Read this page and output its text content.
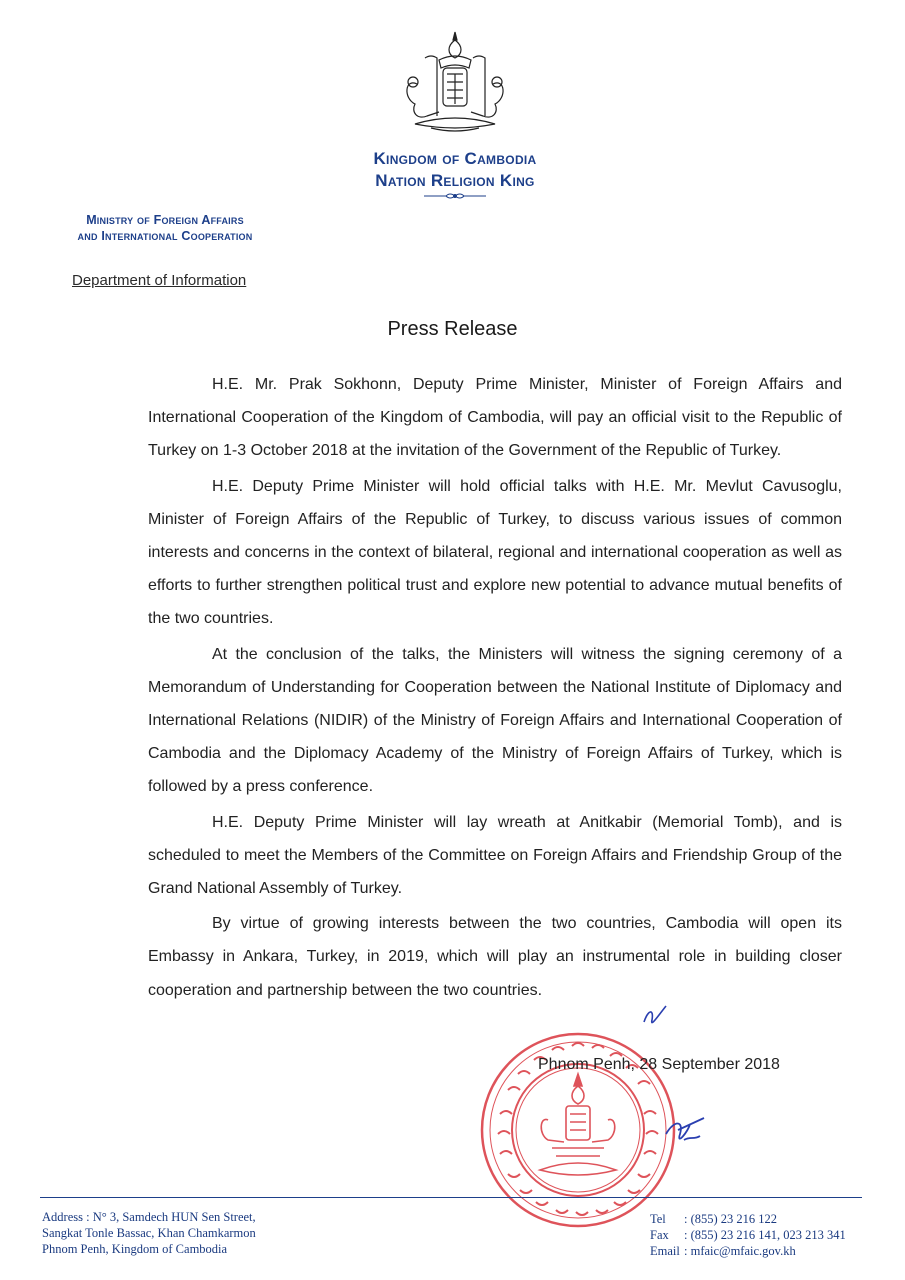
Kingdom of Cambodia
Nation Religion King
Ministry of Foreign Affairs
and International Cooperation
Department of Information
Press Release

H.E. Mr. Prak Sokhonn, Deputy Prime Minister, Minister of Foreign Affairs and International Cooperation of the Kingdom of Cambodia, will pay an official visit to the Republic of Turkey on 1-3 October 2018 at the invitation of the Government of the Republic of Turkey.

H.E. Deputy Prime Minister will hold official talks with H.E. Mr. Mevlut Cavusoglu, Minister of Foreign Affairs of the Republic of Turkey, to discuss various issues of common interests and concerns in the context of bilateral, regional and international cooperation as well as efforts to further strengthen political trust and explore new potential to advance mutual benefits of the two countries.

At the conclusion of the talks, the Ministers will witness the signing ceremony of a Memorandum of Understanding for Cooperation between the National Institute of Diplomacy and International Relations (NIDIR) of the Ministry of Foreign Affairs and International Cooperation of Cambodia and the Diplomacy Academy of the Ministry of Foreign Affairs of Turkey, which is followed by a press conference.

H.E. Deputy Prime Minister will lay wreath at Anitkabir (Memorial Tomb), and is scheduled to meet the Members of the Committee on Foreign Affairs and Friendship Group of the Grand National Assembly of Turkey.

By virtue of growing interests between the two countries, Cambodia will open its Embassy in Ankara, Turkey, in 2019, which will play an instrumental role in building closer cooperation and partnership between the two countries.

Phnom Penh, 28 September 2018
Address : N° 3, Samdech HUN Sen Street,
Sangkat Tonle Bassac, Khan Chamkarmon
Phnom Penh, Kingdom of Cambodia
Tel : (855) 23 216 122
Fax : (855) 23 216 141, 023 213 341
Email : mfaic@mfaic.gov.kh
